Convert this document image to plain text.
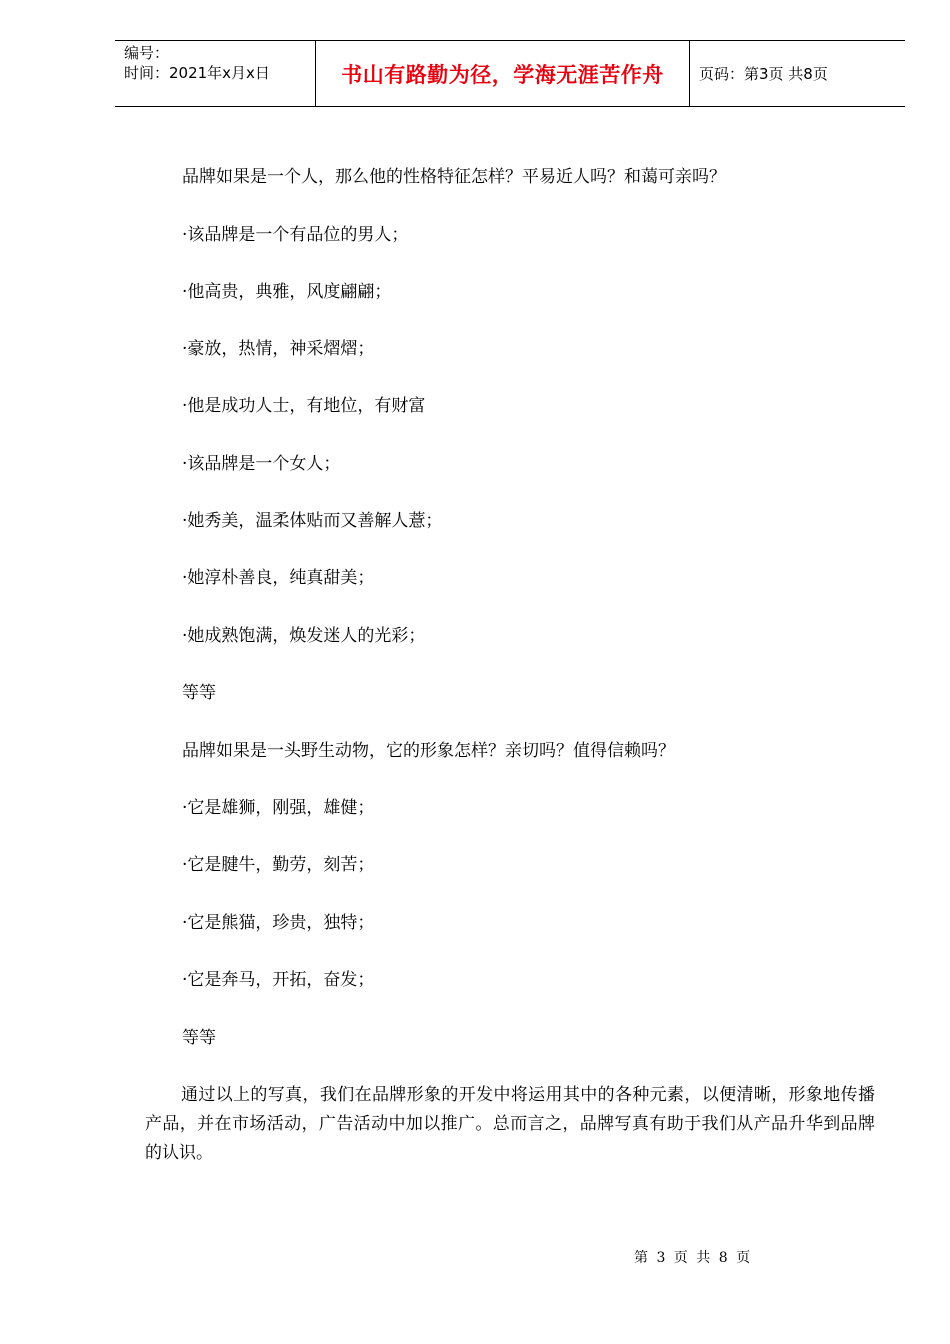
编号：
时间：2021年x月x日	书山有路勤为径，学海无涯苦作舟 页码：第3页 共8页
品牌如果是一个人，那么他的性格特征怎样？平易近人吗？和蔼可亲吗？
·该品牌是一个有品位的男人；
·他高贵，典雅，风度翩翩；
·豪放，热情，神采熠熠；
·他是成功人士，有地位，有财富
·该品牌是一个女人；
·她秀美，温柔体贴而又善解人薏；
·她淳朴善良，纯真甜美；
·她成熟饱满，焕发迷人的光彩；
等等
品牌如果是一头野生动物，它的形象怎样？亲切吗？值得信赖吗？
·它是雄狮，刚强，雄健；
·它是腱牛，勤劳，刻苦；
·它是熊猫，珍贵，独特；
·它是奔马，开拓，奋发；
等等
通过以上的写真，我们在品牌形象的开发中将运用其中的各种元素，以便清晰，形象地传播产品，并在市场活动，广告活动中加以推广。总而言之，品牌写真有助于我们从产品升华到品牌的认识。
第 3 页 共 8 页
